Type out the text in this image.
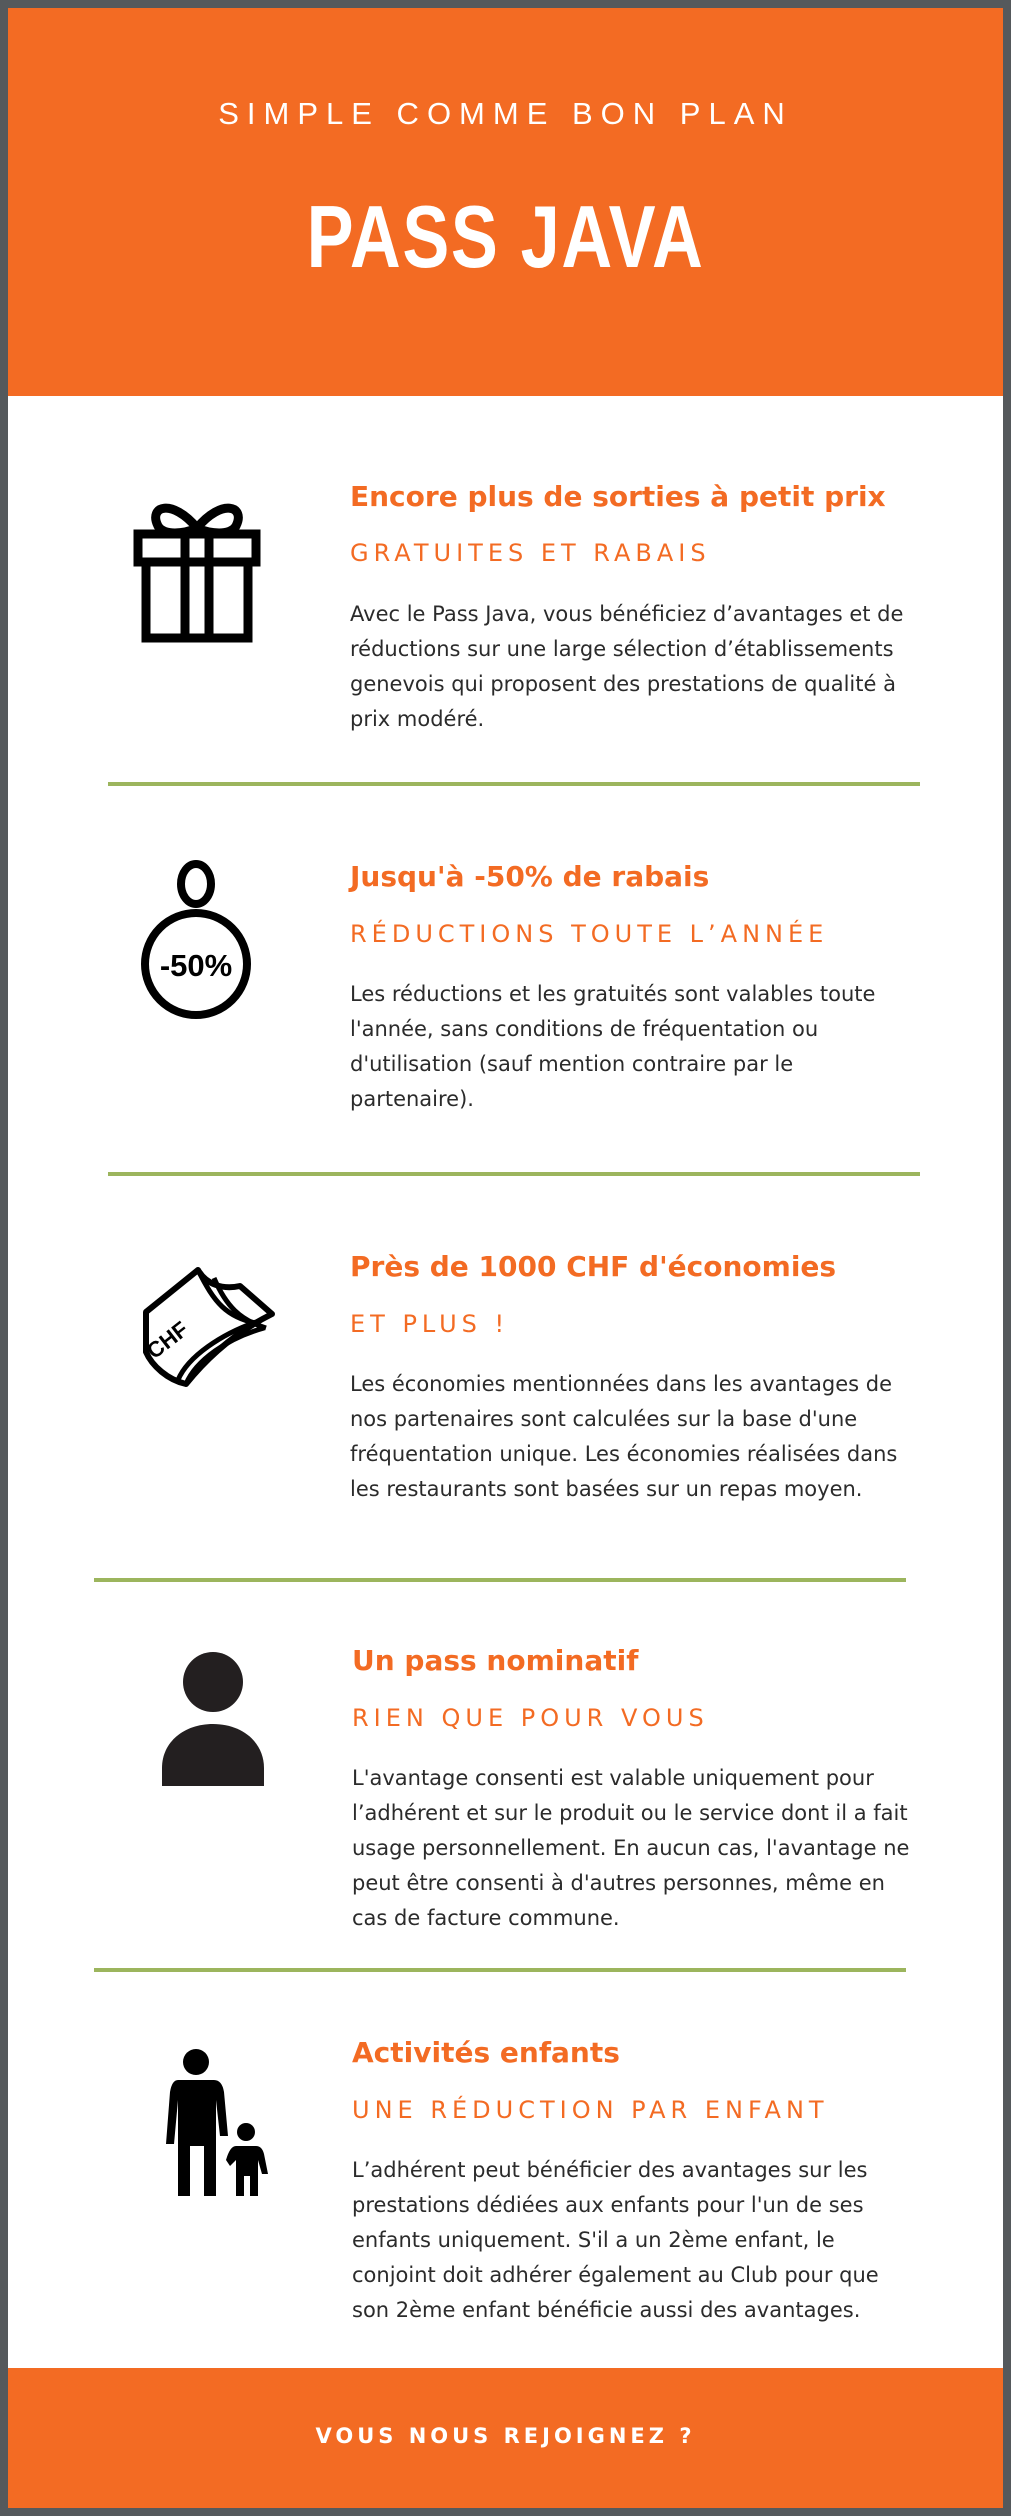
SIMPLE COMME BON PLAN
PASS JAVA
Encore plus de sorties à petit prix
GRATUITES ET RABAIS
Avec le Pass Java, vous bénéficiez d’avantages et de réductions sur une large sélection d’établissements genevois qui proposent des prestations de qualité à prix modéré.
-50%
Jusqu'à -50% de rabais
RÉDUCTIONS TOUTE L’ANNÉE
Les réductions et les gratuités sont valables toute l'année, sans conditions de fréquentation ou d'utilisation (sauf mention contraire par le partenaire).
CHF
Près de 1000 CHF d'économies
ET PLUS !
Les économies mentionnées dans les avantages de nos partenaires sont calculées sur la base d'une fréquentation unique. Les économies réalisées dans les restaurants sont basées sur un repas moyen.
Un pass nominatif
RIEN QUE POUR VOUS
L'avantage consenti est valable uniquement pour l’adhérent et sur le produit ou le service dont il a fait usage personnellement. En aucun cas, l'avantage ne peut être consenti à d'autres personnes, même en cas de facture commune.
Activités enfants
UNE RÉDUCTION PAR ENFANT
L’adhérent peut bénéficier des avantages sur les prestations dédiées aux enfants pour l'un de ses enfants uniquement. S'il a un 2ème enfant, le conjoint doit adhérer également au Club pour que son 2ème enfant bénéficie aussi des avantages.
VOUS NOUS REJOIGNEZ ?
